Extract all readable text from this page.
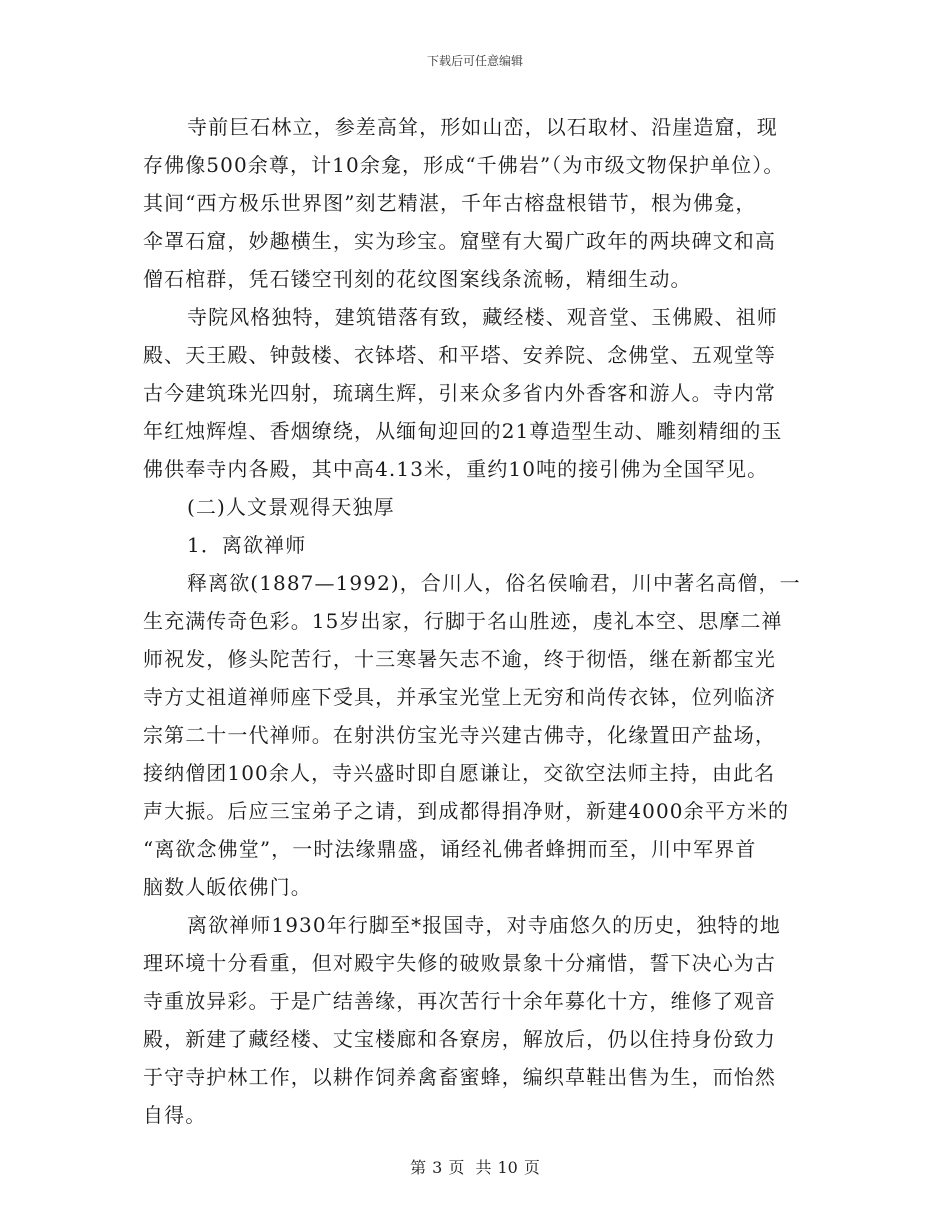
下载后可任意编辑
寺前巨石林立，参差高耸，形如山峦，以石取材、沿崖造窟，现
存佛像500余尊，计10余龛，形成“千佛岩”（为市级文物保护单位）。
其间“西方极乐世界图”刻艺精湛，千年古榕盘根错节，根为佛龛，
伞罩石窟，妙趣横生，实为珍宝。窟壁有大蜀广政年的两块碑文和高
僧石棺群，凭石镂空刊刻的花纹图案线条流畅，精细生动。
寺院风格独特，建筑错落有致，藏经楼、观音堂、玉佛殿、祖师
殿、天王殿、钟鼓楼、衣钵塔、和平塔、安养院、念佛堂、五观堂等
古今建筑珠光四射，琉璃生辉，引来众多省内外香客和游人。寺内常
年红烛辉煌、香烟缭绕，从缅甸迎回的21尊造型生动、雕刻精细的玉
佛供奉寺内各殿，其中高4.13米，重约10吨的接引佛为全国罕见。
(二)人文景观得天独厚
1．离欲禅师
释离欲(1887—1992)，合川人，俗名侯喻君，川中著名高僧，一
生充满传奇色彩。15岁出家，行脚于名山胜迹，虔礼本空、思摩二禅
师祝发，修头陀苦行，十三寒暑矢志不逾，终于彻悟，继在新都宝光
寺方丈祖道禅师座下受具，并承宝光堂上无穷和尚传衣钵，位列临济
宗第二十一代禅师。在射洪仿宝光寺兴建古佛寺，化缘置田产盐场，
接纳僧团100余人，寺兴盛时即自愿谦让，交欲空法师主持，由此名
声大振。后应三宝弟子之请，到成都得捐净财，新建4000余平方米的
“离欲念佛堂”，一时法缘鼎盛，诵经礼佛者蜂拥而至，川中军界首
脑数人皈依佛门。
离欲禅师1930年行脚至*报国寺，对寺庙悠久的历史，独特的地
理环境十分看重，但对殿宇失修的破败景象十分痛惜，誓下决心为古
寺重放异彩。于是广结善缘，再次苦行十余年募化十方，维修了观音
殿，新建了藏经楼、丈宝楼廊和各寮房，解放后，仍以住持身份致力
于守寺护林工作，以耕作饲养禽畜蜜蜂，编织草鞋出售为生，而怡然
自得。
第 3 页 共 10 页
